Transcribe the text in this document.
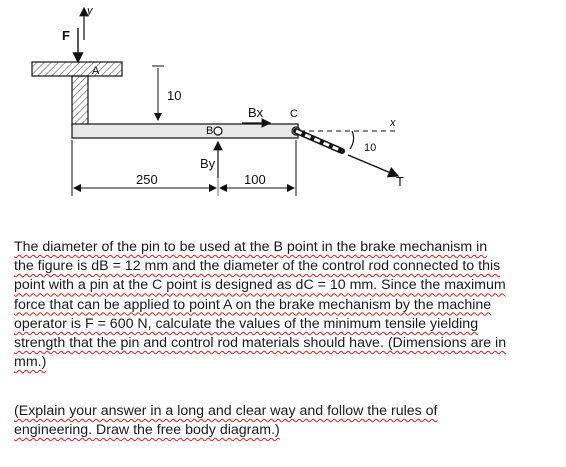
y
F
A
10
B
Bx
By
C
x
10
T
250	100
The diameter of the pin to be used at the B point in the brake mechanism in
the figure is dB = 12 mm and the diameter of the control rod connected to this
point with a pin at the C point is designed as dC = 10 mm. Since the maximum
force that can be applied to point A on the brake mechanism by the machine
operator is F = 600 N, calculate the values of the minimum tensile yielding
strength that the pin and control rod materials should have. (Dimensions are in
mm.)
(Explain your answer in a long and clear way and follow the rules of
engineering. Draw the free body diagram.)
